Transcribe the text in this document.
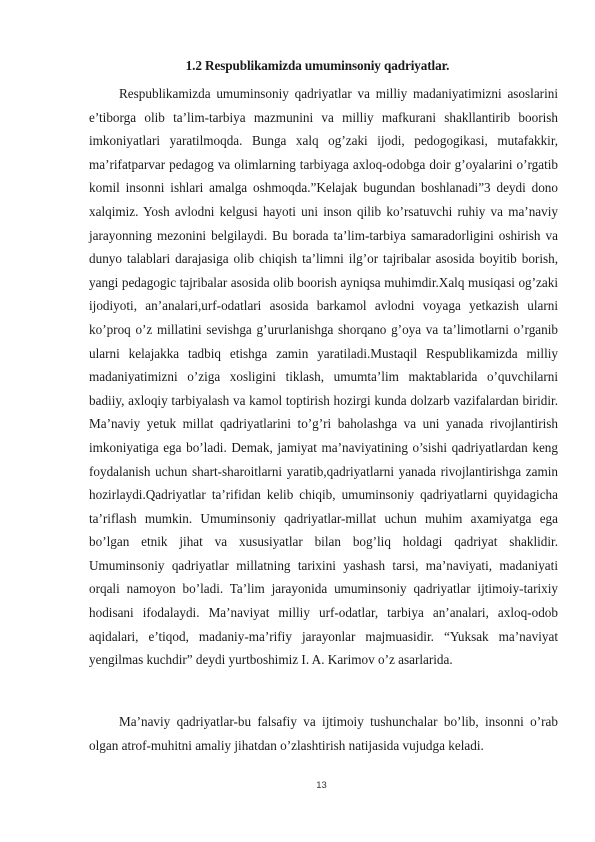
1.2 Respublikamizda umuminsoniy qadriyatlar.

Respublikamizda umuminsoniy qadriyatlar va milliy madaniyatimizni asoslarini e’tiborga olib ta’lim-tarbiya mazmunini va milliy mafkurani shakllantirib boorish imkoniyatlari yaratilmoqda. Bunga xalq og’zaki ijodi, pedogogikasi, mutafakkir, ma’rifatparvar pedagog va olimlarning tarbiyaga axloq-odobga doir g’oyalarini o’rgatib komil insonni ishlari amalga oshmoqda.”Kelajak bugundan boshlanadi”3 deydi dono xalqimiz. Yosh avlodni kelgusi hayoti uni inson qilib ko’rsatuvchi ruhiy va ma’naviy jarayonning mezonini belgilaydi. Bu borada ta’lim-tarbiya samaradorligini oshirish va dunyo talablari darajasiga olib chiqish ta’limni ilg’or tajribalar asosida boyitib borish, yangi pedagogic tajribalar asosida olib boorish ayniqsa muhimdir.Xalq musiqasi og’zaki ijodiyoti, an’analari,urf-odatlari asosida barkamol avlodni voyaga yetkazish ularni ko’proq o’z millatini sevishga g’ururlanishga shorqano g’oya va ta’limotlarni o’rganib ularni kelajakka tadbiq etishga zamin yaratiladi.Mustaqil Respublikamizda milliy madaniyatimizni o’ziga xosligini tiklash, umumta’lim maktablarida o’quvchilarni badiiy, axloqiy tarbiyalash va kamol toptirish hozirgi kunda dolzarb vazifalardan biridir. Ma’naviy yetuk millat qadriyatlarini to’g’ri baholashga va uni yanada rivojlantirish imkoniyatiga ega bo’ladi. Demak, jamiyat ma’naviyatining o’sishi qadriyatlardan keng foydalanish uchun shart-sharoitlarni yaratib,qadriyatlarni yanada rivojlantirishga zamin hozirlaydi.Qadriyatlar ta’rifidan kelib chiqib, umuminsoniy qadriyatlarni quyidagicha ta’riflash mumkin. Umuminsoniy qadriyatlar-millat uchun muhim axamiyatga ega bo’lgan etnik jihat va xususiyatlar bilan bog’liq holdagi qadriyat shaklidir. Umuminsoniy qadriyatlar millatning tarixini yashash tarsi, ma’naviyati, madaniyati orqali namoyon bo’ladi. Ta’lim jarayonida umuminsoniy qadriyatlar ijtimoiy-tarixiy hodisani ifodalaydi. Ma’naviyat milliy urf-odatlar, tarbiya an’analari, axloq-odob aqidalari, e’tiqod, madaniy-ma’rifiy jarayonlar majmuasidir. “Yuksak ma’naviyat yengilmas kuchdir” deydi yurtboshimiz I. A. Karimov o’z asarlarida.

Ma’naviy qadriyatlar-bu falsafiy va ijtimoiy tushunchalar bo’lib, insonni o’rab olgan atrof-muhitni amaliy jihatdan o’zlashtirish natijasida vujudga keladi.

13
